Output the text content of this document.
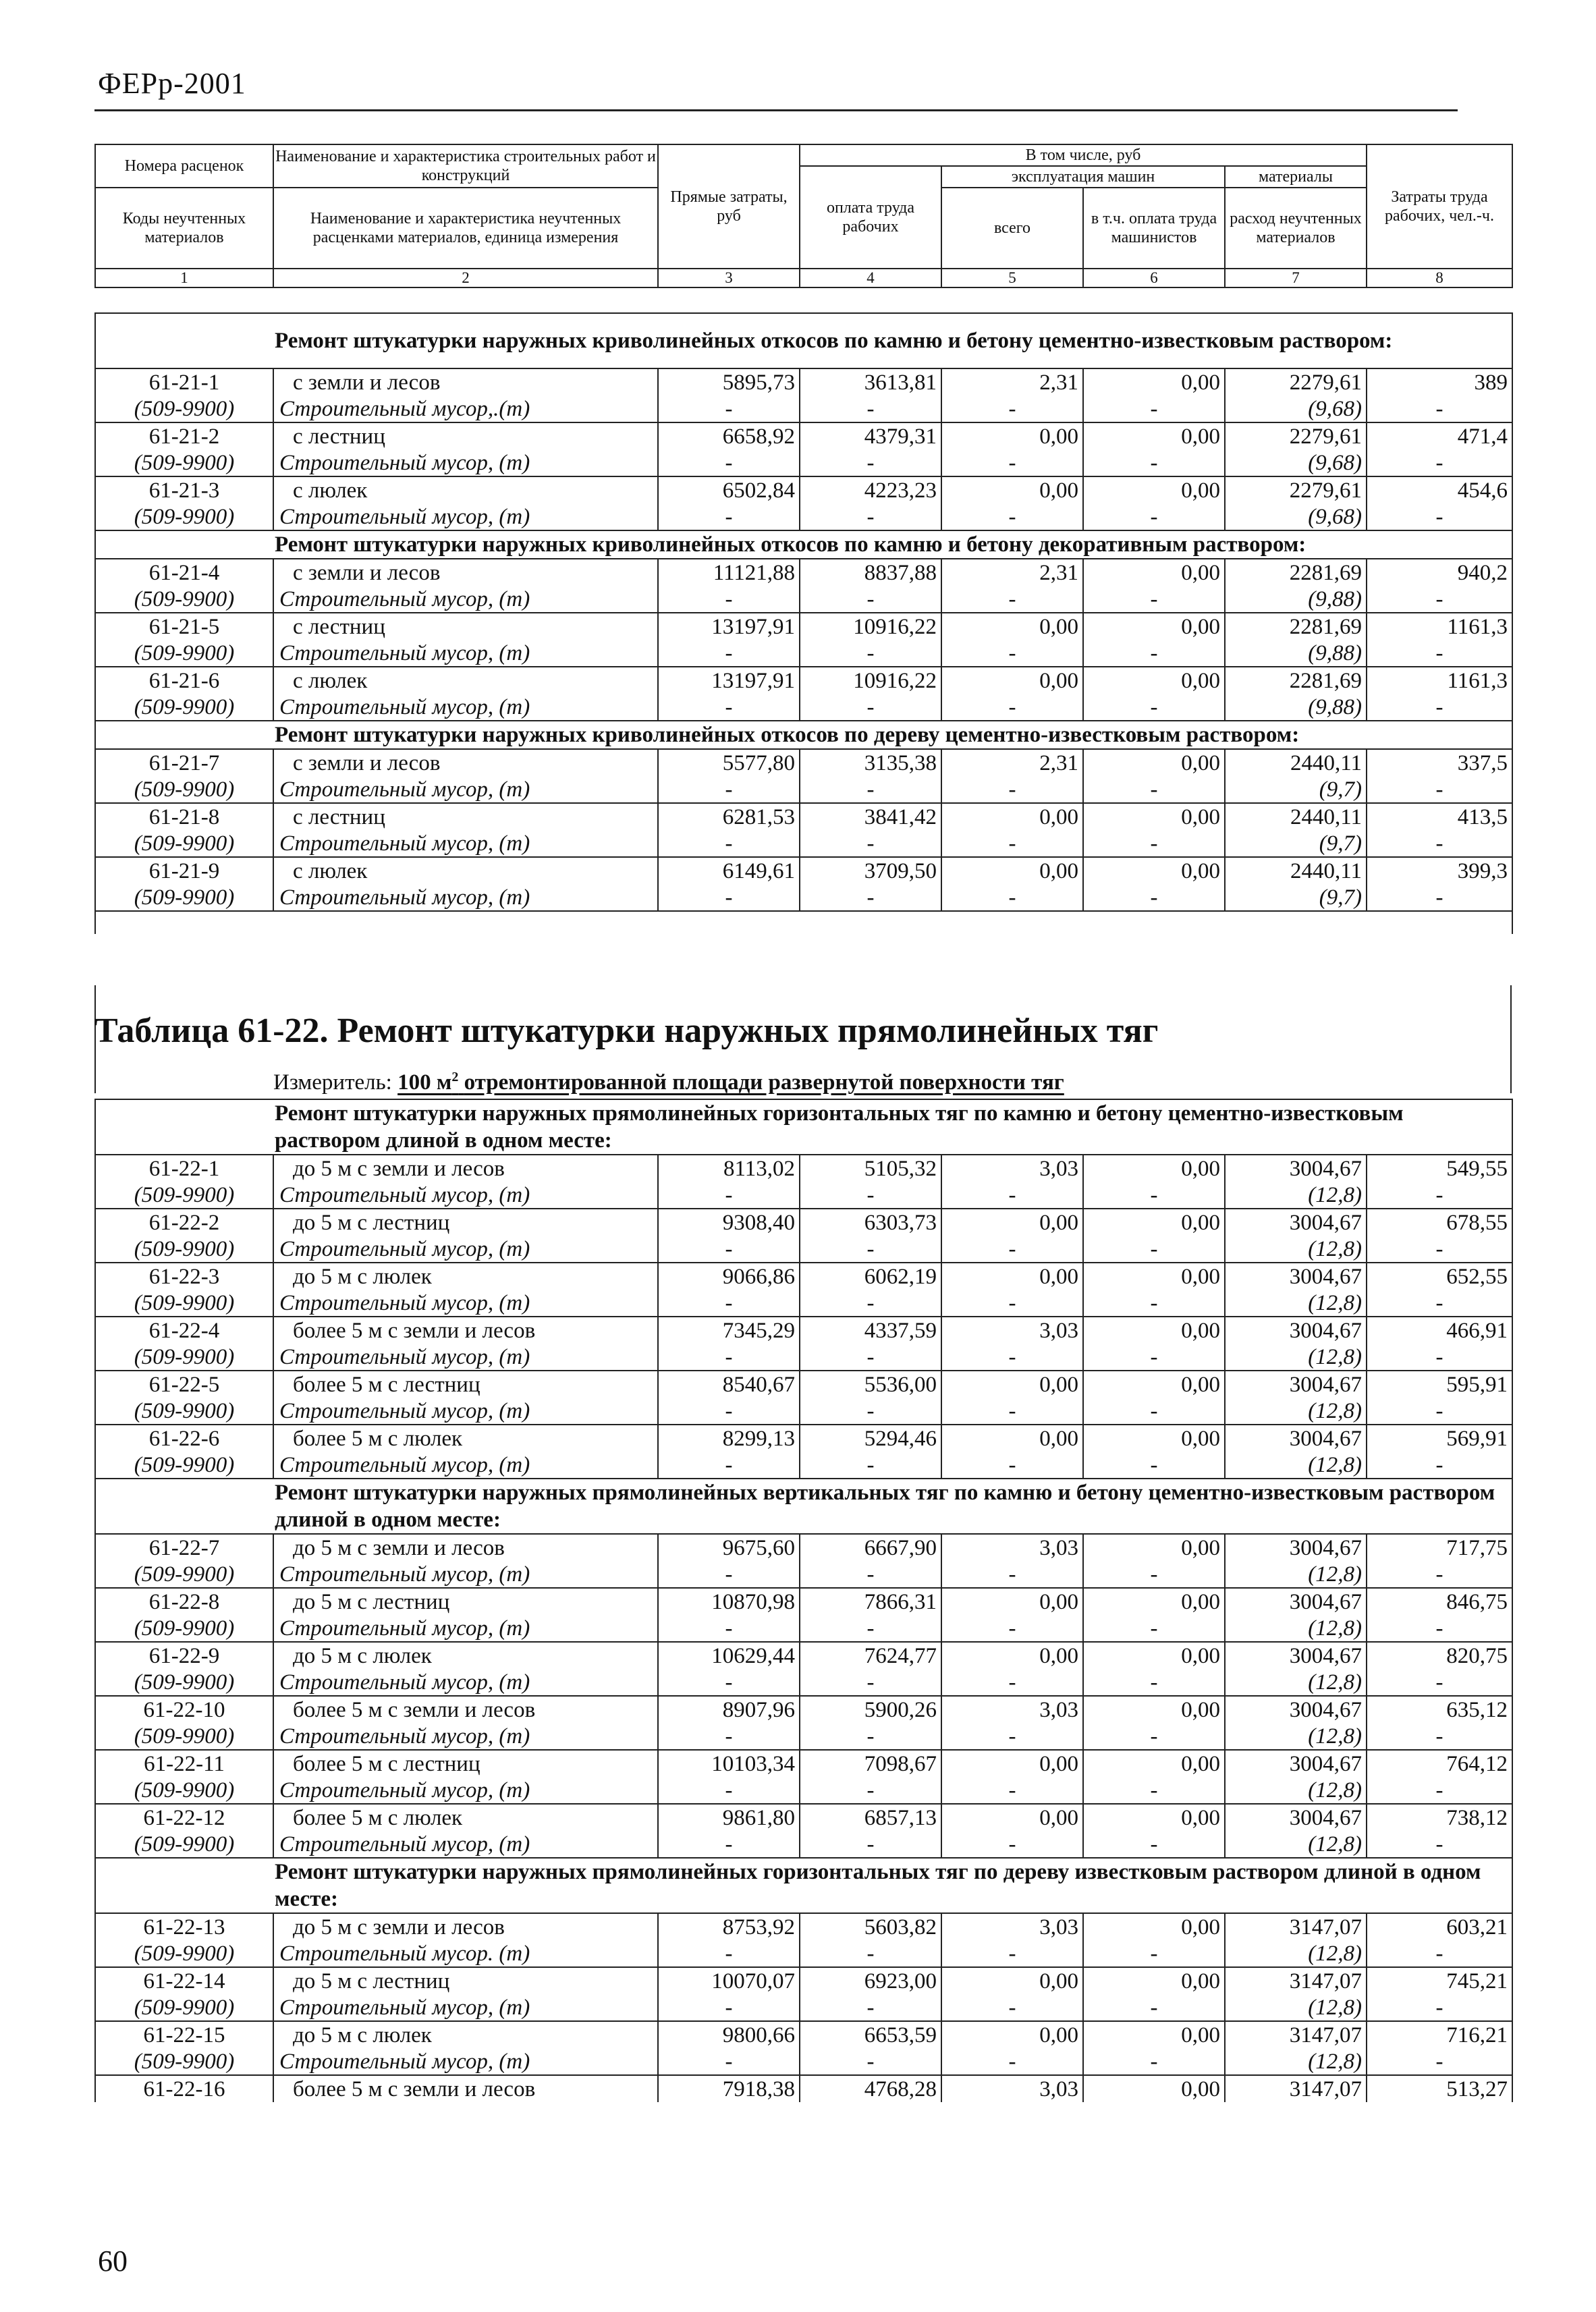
ФЕРр-2001
Номера расценок	Наименование и характеристика строительных работ и конструкций	Прямые затраты, руб	В том числе, руб				Затраты труда рабочих, чел.-ч.
			оплата труда рабочих	эксплуатация машин		материалы	
Коды неучтенных материалов	Наименование и характеристика неучтенных расценками материалов, единица измерения			всего	в т.ч. оплата труда машинистов	расход неучтенных материалов	

1	2	3	4	5	6	7	8
Ремонт штукатурки наружных криволинейных откосов по камню и бетону цементно-известковым раствором:							
61-21-1	с земли и лесов	5895,73	3613,81	2,31	0,00	2279,61	389
(509-9900)	Строительный мусор,.(т)	-	-	-	-	(9,68)	-
61-21-2	с лестниц	6658,92	4379,31	0,00	0,00	2279,61	471,4
(509-9900)	Строительный мусор, (т)	-	-	-	-	(9,68)	-
61-21-3	с люлек	6502,84	4223,23	0,00	0,00	2279,61	454,6
(509-9900)	Строительный мусор, (т)	-	-	-	-	(9,68)	-
Ремонт штукатурки наружных криволинейных откосов по камню и бетону декоративным раствором:							
61-21-4	с земли и лесов	11121,88	8837,88	2,31	0,00	2281,69	940,2
(509-9900)	Строительный мусор, (т)	-	-	-	-	(9,88)	-
61-21-5	с лестниц	13197,91	10916,22	0,00	0,00	2281,69	1161,3
(509-9900)	Строительный мусор, (т)	-	-	-	-	(9,88)	-
61-21-6	с люлек	13197,91	10916,22	0,00	0,00	2281,69	1161,3
(509-9900)	Строительный мусор, (т)	-	-	-	-	(9,88)	-
Ремонт штукатурки наружных криволинейных откосов по дереву цементно-известковым раствором:							
61-21-7	с земли и лесов	5577,80	3135,38	2,31	0,00	2440,11	337,5
(509-9900)	Строительный мусор, (т)	-	-	-	-	(9,7)	-
61-21-8	с лестниц	6281,53	3841,42	0,00	0,00	2440,11	413,5
(509-9900)	Строительный мусор, (т)	-	-	-	-	(9,7)	-
61-21-9	с люлек	6149,61	3709,50	0,00	0,00	2440,11	399,3
(509-9900)	Строительный мусор, (т)	-	-	-	-	(9,7)	-

Таблица 61-22. Ремонт штукатурки наружных прямолинейных тяг
Измеритель: 100 $м^2$ отремонтированной площади развернутой поверхности тяг
Ремонт штукатурки наружных прямолинейных горизонтальных тяг по камню и бетону цементно-известковым раствором длиной в одном месте:							
61-22-1	до 5 м с земли и лесов	8113,02	5105,32	3,03	0,00	3004,67	549,55
(509-9900)	Строительный мусор, (т)	-	-	-	-	(12,8)	-
61-22-2	до 5 м с лестниц	9308,40	6303,73	0,00	0,00	3004,67	678,55
(509-9900)	Строительный мусор, (т)	-	-	-	-	(12,8)	-
61-22-3	до 5 м с люлек	9066,86	6062,19	0,00	0,00	3004,67	652,55
(509-9900)	Строительный мусор, (т)	-	-	-	-	(12,8)	-
61-22-4	более 5 м с земли и лесов	7345,29	4337,59	3,03	0,00	3004,67	466,91
(509-9900)	Строительный мусор, (т)	-	-	-	-	(12,8)	-
61-22-5	более 5 м с лестниц	8540,67	5536,00	0,00	0,00	3004,67	595,91
(509-9900)	Строительный мусор, (т)	-	-	-	-	(12,8)	-
61-22-6	более 5 м с люлек	8299,13	5294,46	0,00	0,00	3004,67	569,91
(509-9900)	Строительный мусор, (т)	-	-	-	-	(12,8)	-
Ремонт штукатурки наружных прямолинейных вертикальных тяг по камню и бетону цементно-известковым раствором длиной в одном месте:							
61-22-7	до 5 м с земли и лесов	9675,60	6667,90	3,03	0,00	3004,67	717,75
(509-9900)	Строительный мусор, (т)	-	-	-	-	(12,8)	-
61-22-8	до 5 м с лестниц	10870,98	7866,31	0,00	0,00	3004,67	846,75
(509-9900)	Строительный мусор, (т)	-	-	-	-	(12,8)	-
61-22-9	до 5 м с люлек	10629,44	7624,77	0,00	0,00	3004,67	820,75
(509-9900)	Строительный мусор, (т)	-	-	-	-	(12,8)	-
61-22-10	более 5 м с земли и лесов	8907,96	5900,26	3,03	0,00	3004,67	635,12
(509-9900)	Строительный мусор, (т)	-	-	-	-	(12,8)	-
61-22-11	более 5 м с лестниц	10103,34	7098,67	0,00	0,00	3004,67	764,12
(509-9900)	Строительный мусор, (т)	-	-	-	-	(12,8)	-
61-22-12	более 5 м с люлек	9861,80	6857,13	0,00	0,00	3004,67	738,12
(509-9900)	Строительный мусор, (т)	-	-	-	-	(12,8)	-
Ремонт штукатурки наружных прямолинейных горизонтальных тяг по дереву известковым раствором длиной в одном месте:							
61-22-13	до 5 м с земли и лесов	8753,92	5603,82	3,03	0,00	3147,07	603,21
(509-9900)	Строительный мусор. (т)	-	-	-	-	(12,8)	-
61-22-14	до 5 м с лестниц	10070,07	6923,00	0,00	0,00	3147,07	745,21
(509-9900)	Строительный мусор, (т)	-	-	-	-	(12,8)	-
61-22-15	до 5 м с люлек	9800,66	6653,59	0,00	0,00	3147,07	716,21
(509-9900)	Строительный мусор, (т)	-	-	-	-	(12,8)	-
61-22-16	более 5 м с земли и лесов	7918,38	4768,28	3,03	0,00	3147,07	513,27
60
